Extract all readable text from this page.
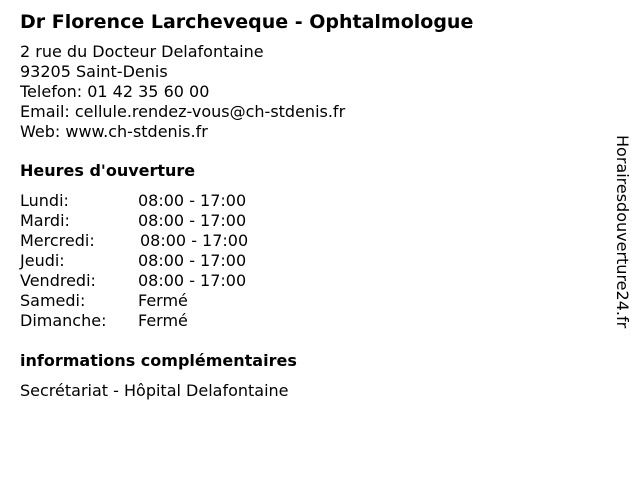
Dr Florence Larcheveque - Ophtalmologue
2 rue du Docteur Delafontaine
93205 Saint-Denis
Telefon: 01 42 35 60 00
Email: cellule.rendez-vous@ch-stdenis.fr
Web: www.ch-stdenis.fr
Heures d'ouverture
Lundi:	08:00 - 17:00
Mardi:	08:00 - 17:00
Mercredi:	08:00 - 17:00
Jeudi:	08:00 - 17:00
Vendredi:	08:00 - 17:00
Samedi:	Fermé
Dimanche:	Fermé
informations complémentaires
Secrétariat - Hôpital Delafontaine
Horairesdouverture24.fr
